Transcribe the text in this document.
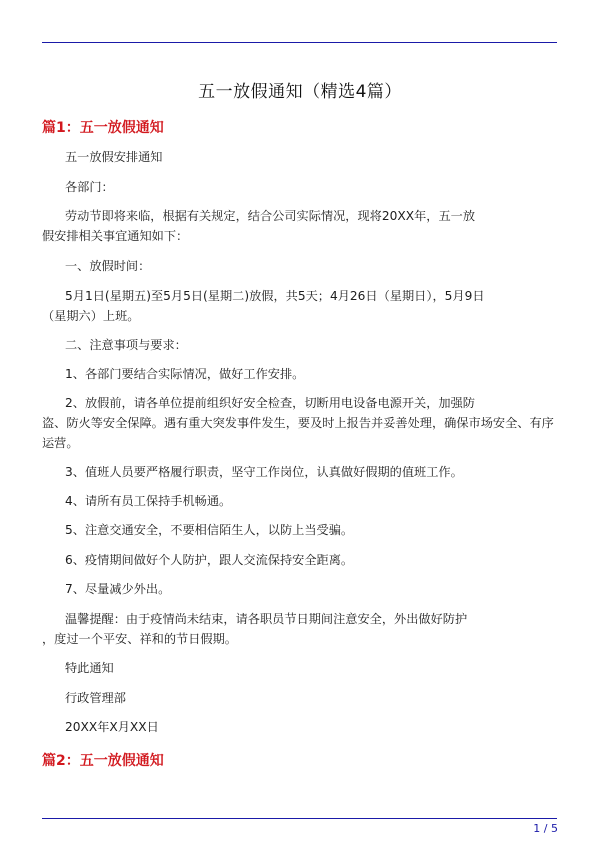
五一放假通知（精选4篇）
篇1：五一放假通知
五一放假安排通知
各部门：
劳动节即将来临，根据有关规定，结合公司实际情况，现将20XX年，五一放
假安排相关事宜通知如下：
一、放假时间：
5月1日(星期五)至5月5日(星期二)放假，共5天；4月26日（星期日），5月9日
（星期六）上班。
二、注意事项与要求：
1、各部门要结合实际情况，做好工作安排。
2、放假前，请各单位提前组织好安全检查，切断用电设备电源开关，加强防
盗、防火等安全保障。遇有重大突发事件发生，要及时上报告并妥善处理，确保市场安全、有序
运营。
3、值班人员要严格履行职责，坚守工作岗位，认真做好假期的值班工作。
4、请所有员工保持手机畅通。
5、注意交通安全，不要相信陌生人，以防上当受骗。
6、疫情期间做好个人防护，跟人交流保持安全距离。
7、尽量减少外出。
温馨提醒：由于疫情尚未结束，请各职员节日期间注意安全，外出做好防护
，度过一个平安、祥和的节日假期。
特此通知
行政管理部
20XX年X月XX日
篇2：五一放假通知
1 / 5
